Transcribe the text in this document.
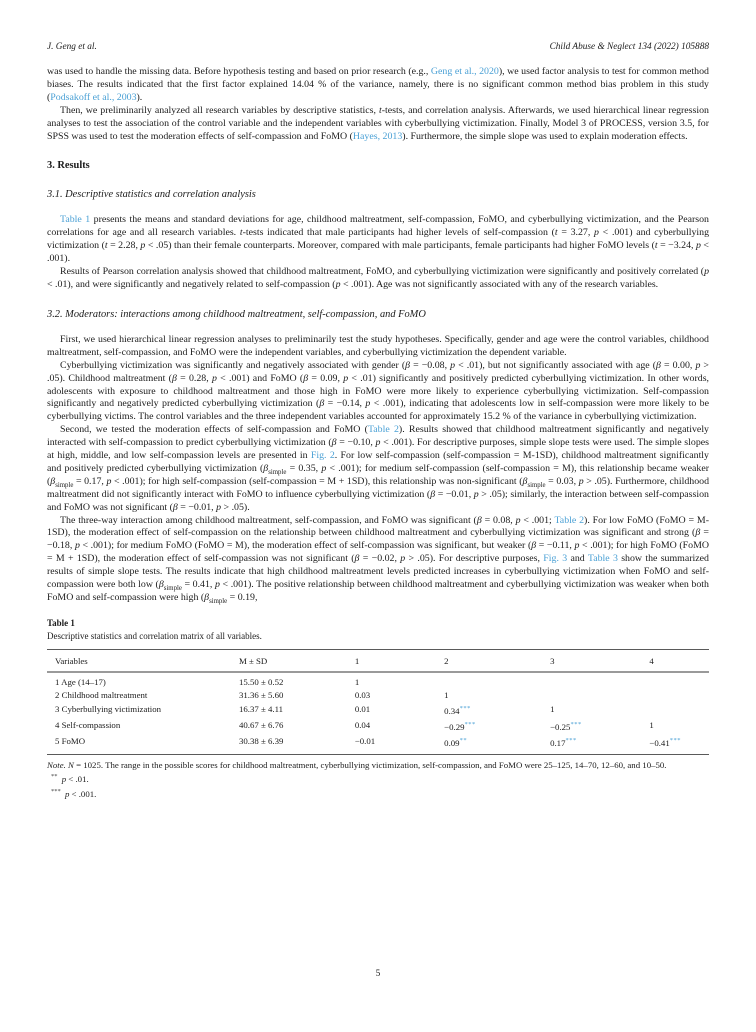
J. Geng et al.	Child Abuse & Neglect 134 (2022) 105888

was used to handle the missing data. Before hypothesis testing and based on prior research (e.g., Geng et al., 2020), we used factor analysis to test for common method biases. The results indicated that the first factor explained 14.04 % of the variance, namely, there is no significant common method bias problem in this study (Podsakoff et al., 2003).

Then, we preliminarily analyzed all research variables by descriptive statistics, t-tests, and correlation analysis. Afterwards, we used hierarchical linear regression analyses to test the association of the control variable and the independent variables with cyberbullying victimization. Finally, Model 3 of PROCESS, version 3.5, for SPSS was used to test the moderation effects of self-compassion and FoMO (Hayes, 2013). Furthermore, the simple slope was used to explain moderation effects.

3. Results
3.1. Descriptive statistics and correlation analysis

Table 1 presents the means and standard deviations for age, childhood maltreatment, self-compassion, FoMO, and cyberbullying victimization, and the Pearson correlations for age and all research variables. t-tests indicated that male participants had higher levels of self-compassion (t = 3.27, p < .001) and cyberbullying victimization (t = 2.28, p < .05) than their female counterparts. Moreover, compared with male participants, female participants had higher FoMO levels (t = −3.24, p < .001).

Results of Pearson correlation analysis showed that childhood maltreatment, FoMO, and cyberbullying victimization were significantly and positively correlated (p < .01), and were significantly and negatively related to self-compassion (p < .001). Age was not significantly associated with any of the research variables.

3.2. Moderators: interactions among childhood maltreatment, self-compassion, and FoMO

First, we used hierarchical linear regression analyses to preliminarily test the study hypotheses. Specifically, gender and age were the control variables, childhood maltreatment, self-compassion, and FoMO were the independent variables, and cyberbullying victimization the dependent variable.

Cyberbullying victimization was significantly and negatively associated with gender (β = −0.08, p < .01), but not significantly associated with age (β = 0.00, p > .05). Childhood maltreatment (β = 0.28, p < .001) and FoMO (β = 0.09, p < .01) significantly and positively predicted cyberbullying victimization. In other words, adolescents with exposure to childhood maltreatment and those high in FoMO were more likely to experience cyberbullying victimization. Self-compassion significantly and negatively predicted cyberbullying victimization (β = −0.14, p < .001), indicating that adolescents low in self-compassion were more likely to be cyberbullying victims. The control variables and the three independent variables accounted for approximately 15.2 % of the variance in cyberbullying victimization.

Second, we tested the moderation effects of self-compassion and FoMO (Table 2). Results showed that childhood maltreatment significantly and negatively interacted with self-compassion to predict cyberbullying victimization (β = −0.10, p < .001). For descriptive purposes, simple slope tests were used. The simple slopes at high, middle, and low self-compassion levels are presented in Fig. 2. For low self-compassion (self-compassion = M-1SD), childhood maltreatment significantly and positively predicted cyberbullying victimization ($\beta_{simple} = 0.35$, p < .001); for medium self-compassion (self-compassion = M), this relationship became weaker ($\beta_{simple} = 0.17$, p < .001); for high self-compassion (self-compassion = M + 1SD), this relationship was non-significant ($\beta_{simple} = 0.03$, p > .05). Furthermore, childhood maltreatment did not significantly interact with FoMO to influence cyberbullying victimization (β = −0.01, p > .05); similarly, the interaction between self-compassion and FoMO was not significant (β = −0.01, p > .05).

The three-way interaction among childhood maltreatment, self-compassion, and FoMO was significant (β = 0.08, p < .001; Table 2). For low FoMO (FoMO = M-1SD), the moderation effect of self-compassion on the relationship between childhood maltreatment and cyberbullying victimization was significant and strong (β = −0.18, p < .001); for medium FoMO (FoMO = M), the moderation effect of self-compassion was significant, but weaker (β = −0.11, p < .001); for high FoMO (FoMO = M + 1SD), the moderation effect of self-compassion was not significant (β = −0.02, p > .05). For descriptive purposes, Fig. 3 and Table 3 show the summarized results of simple slope tests. The results indicate that high childhood maltreatment levels predicted increases in cyberbullying victimization when FoMO and self-compassion were both low ($\beta_{simple} = 0.41$, p < .001). The positive relationship between childhood maltreatment and cyberbullying victimization was weaker when both FoMO and self-compassion were high ($\beta_{simple} = 0.19$,

Table 1
Descriptive statistics and correlation matrix of all variables.
Variables	M ± SD	1	2	3	4
1 Age (14–17)	15.50 ± 0.52	1			
2 Childhood maltreatment	31.36 ± 5.60	0.03	1		
3 Cyberbullying victimization	16.37 ± 4.11	0.01	0.34***	1	
4 Self-compassion	40.67 ± 6.76	0.04	−0.29***	−0.25***	1
5 FoMO	30.38 ± 6.39	−0.01	0.09**	0.17***	−0.41***
Note. N = 1025. The range in the possible scores for childhood maltreatment, cyberbullying victimization, self-compassion, and FoMO were 25–125, 14–70, 12–60, and 10–50.
** p < .01.
*** p < .001.
5
